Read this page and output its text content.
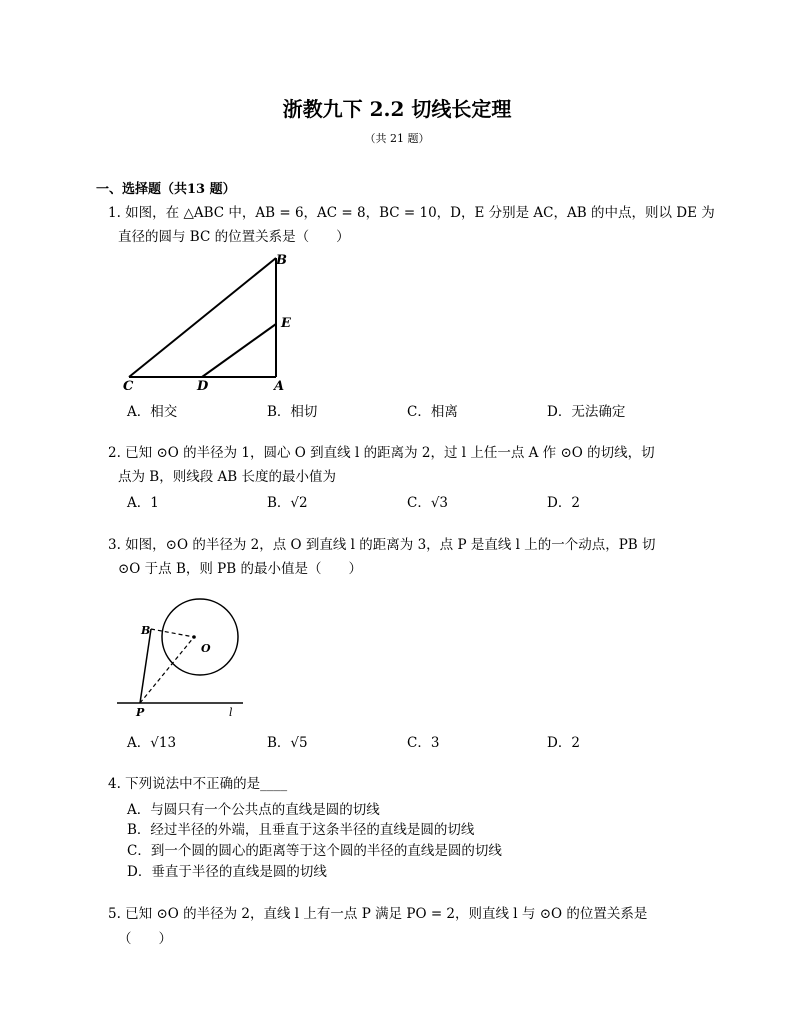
浙教九下 2.2 切线长定理
（共 21 题）
一、选择题（共13 题）
1. 如图，在 △ABC 中，AB = 6，AC = 8，BC = 10，D，E 分别是 AC，AB 的中点，则以 DE 为
直径的圆与 BC 的位置关系是（　　）
B
E
C	D	A
A．相交	B．相切	C．相离	D．无法确定
2. 已知 ⊙O 的半径为 1，圆心 O 到直线 l 的距离为 2，过 l 上任一点 A 作 ⊙O 的切线，切
点为 B，则线段 AB 长度的最小值为
A．1	B．√2	C．√3	D．2
3. 如图，⊙O 的半径为 2，点 O 到直线 l 的距离为 3，点 P 是直线 l 上的一个动点，PB 切
⊙O 于点 B，则 PB 的最小值是（　　）
B
O
P	l
A．√13	B．√5	C．3	D．2
4. 下列说法中不正确的是____
A．与圆只有一个公共点的直线是圆的切线
B．经过半径的外端，且垂直于这条半径的直线是圆的切线
C．到一个圆的圆心的距离等于这个圆的半径的直线是圆的切线
D．垂直于半径的直线是圆的切线
5. 已知 ⊙O 的半径为 2，直线 l 上有一点 P 满足 PO = 2，则直线 l 与 ⊙O 的位置关系是
（　　）
